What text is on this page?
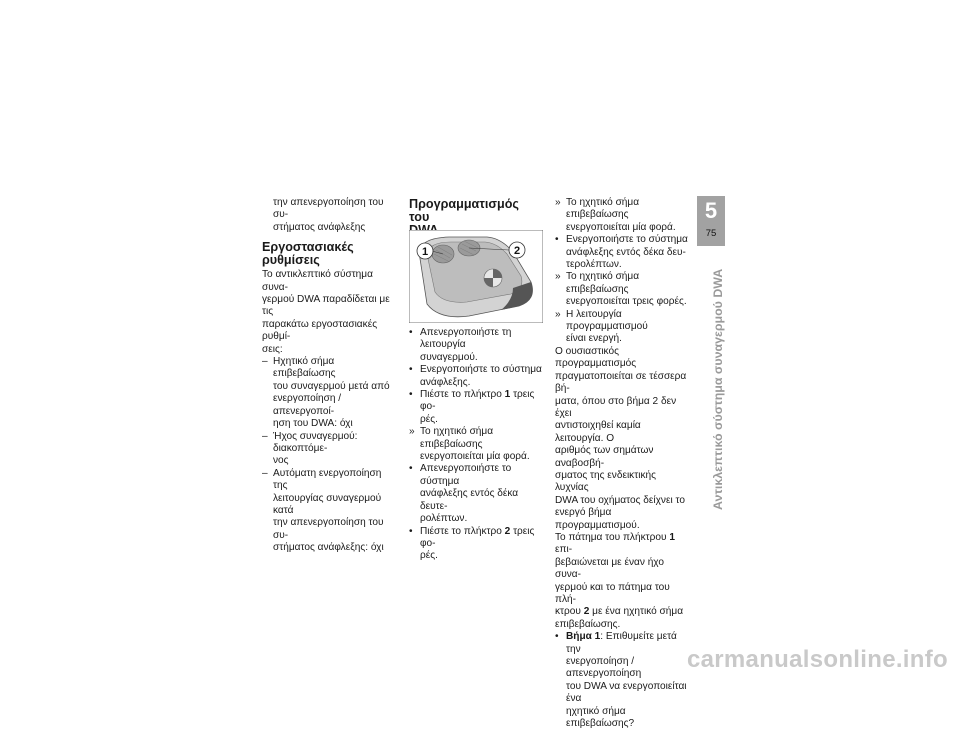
την απενεργοποίηση του συ-

στήματος ανάφλεξης

Εργοστασιακές ρυθμίσεις

Το αντικλεπτικό σύστημα συνα-

γερμού DWA παραδίδεται με τις

παρακάτω εργοστασιακές ρυθμί-

σεις:

– Ηχητικό σήμα επιβεβαίωσης
του συναγερμού μετά από
ενεργοποίηση / απενεργοποί-
ηση του DWA: όχι
– Ήχος συναγερμού: διακοπτόμε-
νος
– Αυτόματη ενεργοποίηση της
λειτουργίας συναγερμού κατά
την απενεργοποίηση του συ-
στήματος ανάφλεξης: όχι

Προγραμματισμός του

1	2
• Απενεργοποιήστε τη λειτουργία
συναγερμού.
• Ενεργοποιήστε το σύστημα
ανάφλεξης.
• Πιέστε το πλήκτρο 1 τρεις φο-
ρές.
» Το ηχητικό σήμα επιβεβαίωσης
ενεργοποιείται μία φορά.
• Απενεργοποιήστε το σύστημα
ανάφλεξης εντός δέκα δευτε-
ρολέπτων.
• Πιέστε το πλήκτρο 2 τρεις φο-
ρές.
» Το ηχητικό σήμα επιβεβαίωσης
ενεργοποιείται μία φορά.
• Ενεργοποιήστε το σύστημα
ανάφλεξης εντός δέκα δευ-
τερολέπτων.
» Το ηχητικό σήμα επιβεβαίωσης
ενεργοποιείται τρεις φορές.
» Η λειτουργία προγραμματισμού
είναι ενεργή.

Ο ουσιαστικός προγραμματισμός

πραγματοποιείται σε τέσσερα βή-

ματα, όπου στο βήμα 2 δεν έχει

αντιστοιχηθεί καμία λειτουργία. Ο

αριθμός των σημάτων αναβοσβή-

σματος της ενδεικτικής λυχνίας

DWA του οχήματος δείχνει το

ενεργό βήμα προγραμματισμού.

Το πάτημα του πλήκτρου 1 επι-

βεβαιώνεται με έναν ήχο συνα-

γερμού και το πάτημα του πλή-

κτρου 2 με ένα ηχητικό σήμα

επιβεβαίωσης.

• Βήμα 1: Επιθυμείτε μετά την
ενεργοποίηση / απενεργοποίηση
του DWA να ενεργοποιείται ένα
ηχητικό σήμα επιβεβαίωσης?
5
75
Αντικλεπτικό σύστημα συναγερμού DWA
carmanualsonline.info
